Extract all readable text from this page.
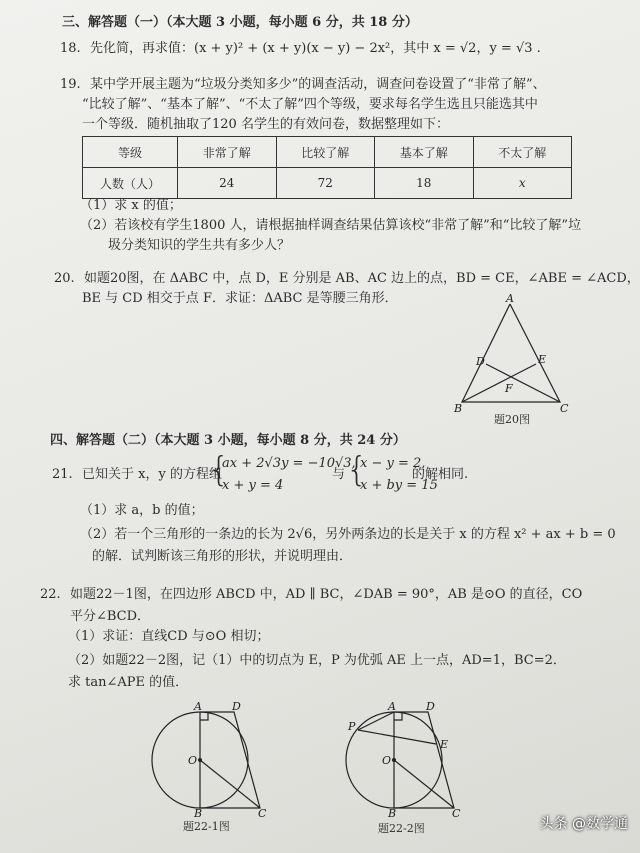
三、解答题（一）（本大题 3 小题，每小题 6 分，共 18 分）
18. 先化简，再求值：(x + y)² + (x + y)(x − y) − 2x²，其中 x = √2，y = √3 .
19. 某中学开展主题为“垃圾分类知多少”的调查活动，调查问卷设置了“非常了解”、
“比较了解”、“基本了解”、“不太了解”四个等级，要求每名学生选且只能选其中
一个等级．随机抽取了120 名学生的有效问卷，数据整理如下：
等级	非常了解	比较了解	基本了解	不太了解
人数（人）	24	72	18	x
（1）求 x 的值；
（2）若该校有学生1800 人，请根据抽样调查结果估算该校“非常了解”和“比较了解”垃
圾分类知识的学生共有多少人？
20. 如题20图，在 ΔABC 中，点 D，E 分别是 AB、AC 边上的点，BD = CE，∠ABE = ∠ACD，
BE 与 CD 相交于点 F．求证：ΔABC 是等腰三角形．	A
D	E
F
B	C
题20图
四、解答题（二）（本大题 3 小题，每小题 8 分，共 24 分）
21. 已知关于 x，y 的方程组
{
ax + 2√3y = −10√3,
x + y = 4
与 {
x − y = 2,
x + by = 15
的解相同.
（1）求 a，b 的值；
（2）若一个三角形的一条边的长为 2√6，另外两条边的长是关于 x 的方程 x² + ax + b = 0
的解．试判断该三角形的形状，并说明理由．
22. 如题22－1图，在四边形 ABCD 中，AD ∥ BC，∠DAB = 90°，AB 是⊙O 的直径，CO
平分∠BCD．
（1）求证：直线CD 与⊙O 相切；
（2）如题22－2图，记（1）中的切点为 E，P 为优弧 AE 上一点，AD=1，BC=2．
求 tan∠APE 的值．
A	D
O
B	C
题22-1图
A	D
P
E
O
B	C
题22-2图	头条 @数学通
